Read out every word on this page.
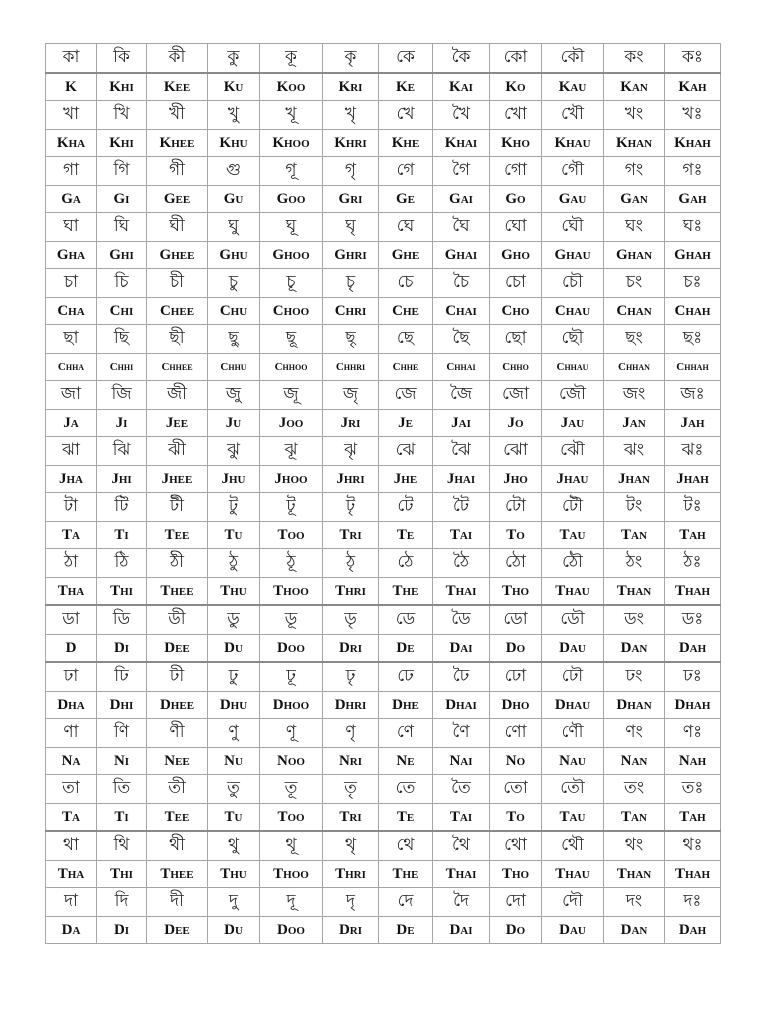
কা	কি	কী	কু	কূ	কৃ	কে	কৈ	কো	কৌ	কং	কঃ
K	Khi	Kee	Ku	Koo	Kri	Ke	Kai	Ko	Kau	Kan	Kah
খা	খি	খী	খু	খূ	খৃ	খে	খৈ	খো	খৌ	খং	খঃ
Kha	Khi	Khee	Khu	Khoo	Khri	Khe	Khai	Kho	Khau	Khan	Khah
গা	গি	গী	গু	গূ	গৃ	গে	গৈ	গো	গৌ	গং	গঃ
Ga	Gi	Gee	Gu	Goo	Gri	Ge	Gai	Go	Gau	Gan	Gah
ঘা	ঘি	ঘী	ঘু	ঘূ	ঘৃ	ঘে	ঘৈ	ঘো	ঘৌ	ঘং	ঘঃ
Gha	Ghi	Ghee	Ghu	Ghoo	Ghri	Ghe	Ghai	Gho	Ghau	Ghan	Ghah
চা	চি	চী	চু	চূ	চৃ	চে	চৈ	চো	চৌ	চং	চঃ
Cha	Chi	Chee	Chu	Choo	Chri	Che	Chai	Cho	Chau	Chan	Chah
ছা	ছি	ছী	ছু	ছূ	ছৃ	ছে	ছৈ	ছো	ছৌ	ছং	ছঃ
Chha	Chhi	Chhee	Chhu	Chhoo	Chhri	Chhe	Chhai	Chho	Chhau	Chhan	Chhah
জা	জি	জী	জু	জূ	জৃ	জে	জৈ	জো	জৌ	জং	জঃ
Ja	Ji	Jee	Ju	Joo	Jri	Je	Jai	Jo	Jau	Jan	Jah
ঝা	ঝি	ঝী	ঝু	ঝূ	ঝৃ	ঝে	ঝৈ	ঝো	ঝৌ	ঝং	ঝঃ
Jha	Jhi	Jhee	Jhu	Jhoo	Jhri	Jhe	Jhai	Jho	Jhau	Jhan	Jhah
টা	টি	টী	টু	টূ	টৃ	টে	টৈ	টো	টৌ	টং	টঃ
Ta	Ti	Tee	Tu	Too	Tri	Te	Tai	To	Tau	Tan	Tah
ঠা	ঠি	ঠী	ঠু	ঠূ	ঠৃ	ঠে	ঠৈ	ঠো	ঠৌ	ঠং	ঠঃ
Tha	Thi	Thee	Thu	Thoo	Thri	The	Thai	Tho	Thau	Than	Thah
ডা	ডি	ডী	ডু	ডূ	ডৃ	ডে	ডৈ	ডো	ডৌ	ডং	ডঃ
D	Di	Dee	Du	Doo	Dri	De	Dai	Do	Dau	Dan	Dah
ঢা	ঢি	ঢী	ঢু	ঢূ	ঢৃ	ঢে	ঢৈ	ঢো	ঢৌ	ঢং	ঢঃ
Dha	Dhi	Dhee	Dhu	Dhoo	Dhri	Dhe	Dhai	Dho	Dhau	Dhan	Dhah
ণা	ণি	ণী	ণু	ণূ	ণৃ	ণে	ণৈ	ণো	ণৌ	ণং	ণঃ
Na	Ni	Nee	Nu	Noo	Nri	Ne	Nai	No	Nau	Nan	Nah
তা	তি	তী	তু	তূ	তৃ	তে	তৈ	তো	তৌ	তং	তঃ
Ta	Ti	Tee	Tu	Too	Tri	Te	Tai	To	Tau	Tan	Tah
থা	থি	থী	থু	থূ	থৃ	থে	থৈ	থো	থৌ	থং	থঃ
Tha	Thi	Thee	Thu	Thoo	Thri	The	Thai	Tho	Thau	Than	Thah
দা	দি	দী	দু	দূ	দৃ	দে	দৈ	দো	দৌ	দং	দঃ
Da	Di	Dee	Du	Doo	Dri	De	Dai	Do	Dau	Dan	Dah
